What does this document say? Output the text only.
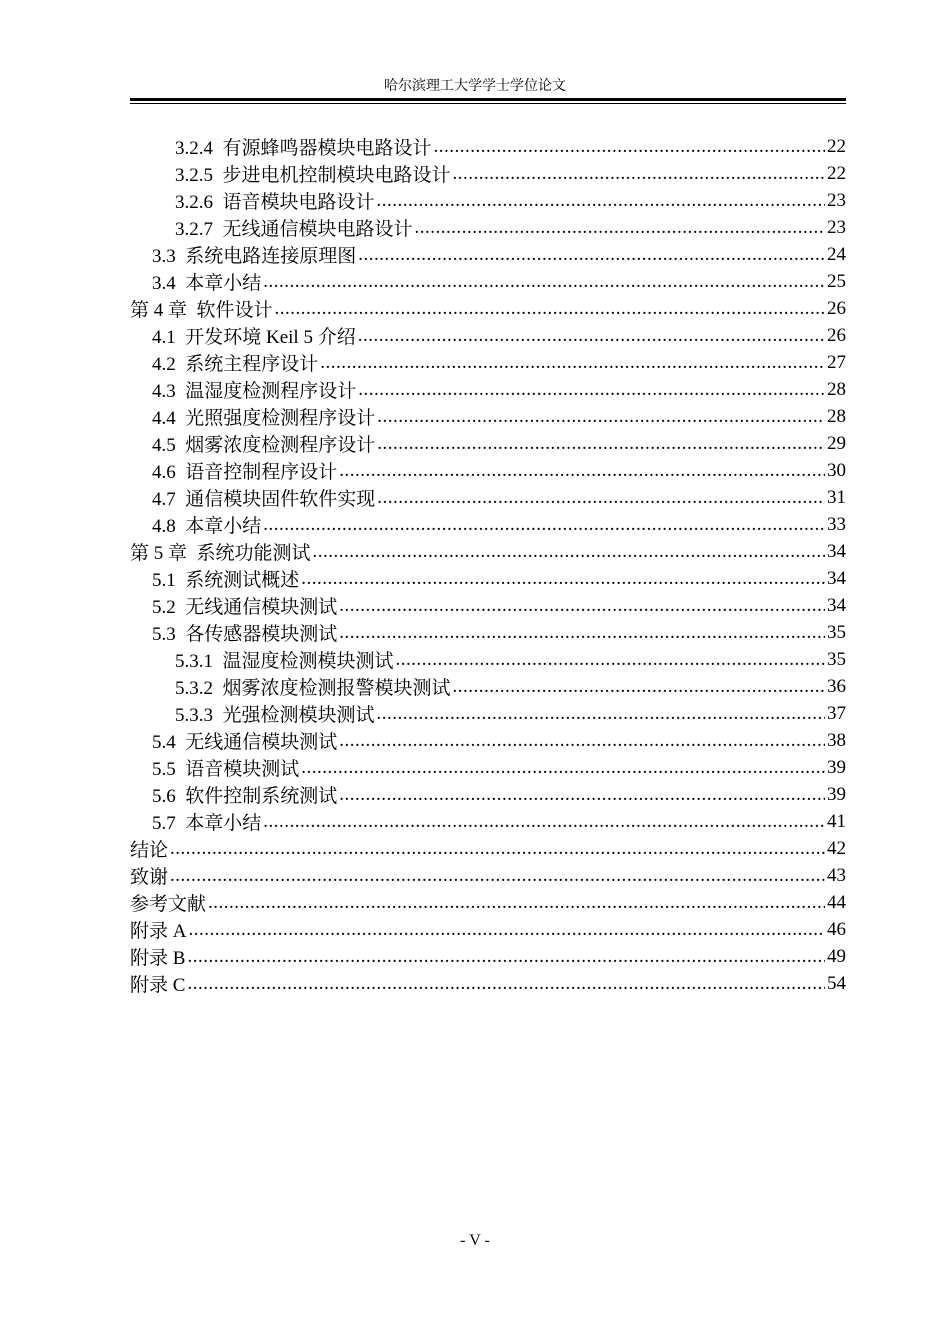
哈尔滨理工大学学士学位论文
3.2.4 有源蜂鸣器模块电路设计 .....	22
3.2.5 步进电机控制模块电路设计 .....	22
3.2.6 语音模块电路设计 .....	23
3.2.7 无线通信模块电路设计 .....	23
3.3 系统电路连接原理图 .....	24
3.4 本章小结 .....	25
第 4 章 软件设计 .....	26
4.1 开发环境 Keil 5 介绍 .....	26
4.2 系统主程序设计 .....	27
4.3 温湿度检测程序设计 .....	28
4.4 光照强度检测程序设计 .....	28
4.5 烟雾浓度检测程序设计 .....	29
4.6 语音控制程序设计 .....	30
4.7 通信模块固件软件实现 .....	31
4.8 本章小结 .....	33
第 5 章 系统功能测试 .....	34
5.1 系统测试概述 .....	34
5.2 无线通信模块测试 .....	34
5.3 各传感器模块测试 .....	35
5.3.1 温湿度检测模块测试 .....	35
5.3.2 烟雾浓度检测报警模块测试 .....	36
5.3.3 光强检测模块测试 .....	37
5.4 无线通信模块测试 .....	38
5.5 语音模块测试 .....	39
5.6 软件控制系统测试 .....	39
5.7 本章小结 .....	41
结论 .....	42
致谢 .....	43
参考文献 .....	44
附录 A .....	46
附录 B .....	49
附录 C .....	54
- V -
